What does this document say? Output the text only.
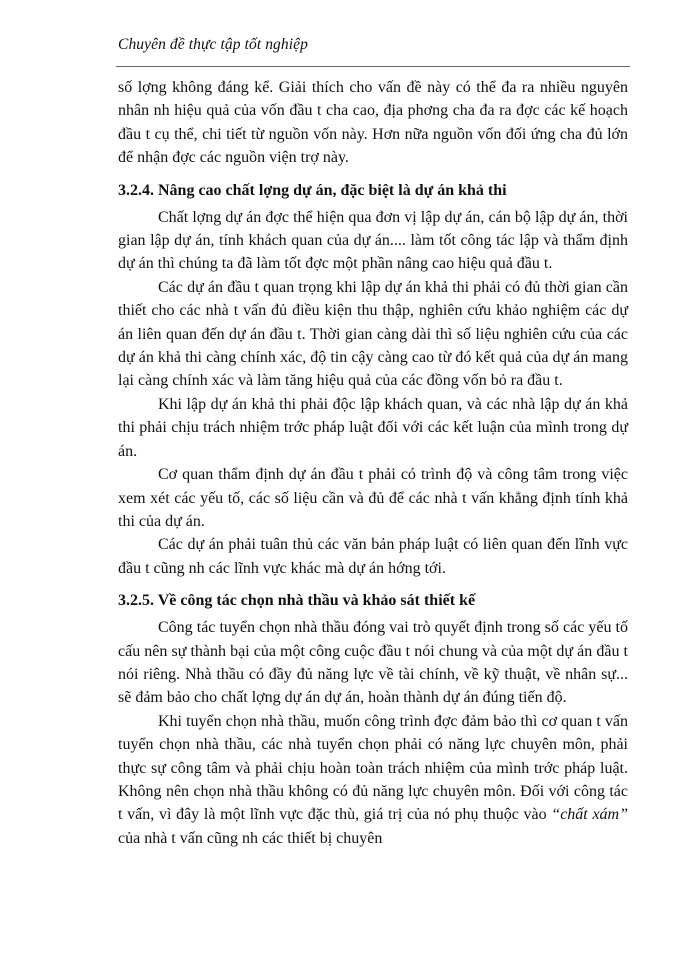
Chuyên đề thực tập tốt nghiệp

số lợng không đáng kể. Giải thích cho vấn đề này có thể đa ra nhiều nguyên nhân nh hiệu quả của vốn đầu t cha cao, địa phơng cha đa ra đợc các kế hoạch đầu t cụ thể, chi tiết từ nguồn vốn này. Hơn nữa nguồn vốn đối ứng cha đủ lớn để nhận đợc các nguồn viện trợ này.

3.2.4. Nâng cao chất lợng dự án, đặc biệt là dự án khả thi

Chất lợng dự án đợc thể hiện qua đơn vị lập dự án, cán bộ lập dự án, thời gian lập dự án, tính khách quan của dự án.... làm tốt công tác lập và thẩm định dự án thì chúng ta đã làm tốt đợc một phần nâng cao hiệu quả đầu t.

Các dự án đầu t quan trọng khi lập dự án khả thi phải có đủ thời gian cần thiết cho các nhà t vấn đủ điều kiện thu thập, nghiên cứu khảo nghiệm các dự án liên quan đến dự án đầu t. Thời gian càng dài thì số liệu nghiên cứu của các dự án khả thi càng chính xác, độ tin cậy càng cao từ đó kết quả của dự án mang lại càng chính xác và làm tăng hiệu quả của các đồng vốn bỏ ra đầu t.

Khi lập dự án khả thi phải độc lập khách quan, và các nhà lập dự án khả thi phải chịu trách nhiệm trớc pháp luật đối với các kết luận của mình trong dự án.

Cơ quan thẩm định dự án đầu t phải có trình độ và công tâm trong việc xem xét các yếu tố, các số liệu cần và đủ để các nhà t vấn khẳng định tính khả thi của dự án.

Các dự án phải tuân thủ các văn bản pháp luật có liên quan đến lĩnh vực đầu t cũng nh các lĩnh vực khác mà dự án hớng tới.

3.2.5. Về công tác chọn nhà thầu và khảo sát thiết kế

Công tác tuyển chọn nhà thầu đóng vai trò quyết định trong số các yếu tố cấu nên sự thành bại của một công cuộc đầu t nói chung và của một dự án đầu t nói riêng. Nhà thầu có đầy đủ năng lực về tài chính, về kỹ thuật, về nhân sự... sẽ đảm bảo cho chất lợng dự án dự án, hoàn thành dự án đúng tiến độ.

Khi tuyển chọn nhà thầu, muốn công trình đợc đảm bảo thì cơ quan t vấn tuyển chọn nhà thầu, các nhà tuyển chọn phải có năng lực chuyên môn, phải thực sự công tâm và phải chịu hoàn toàn trách nhiệm của mình trớc pháp luật. Không nên chọn nhà thầu không có đủ năng lực chuyên môn. Đối với công tác t vấn, vì đây là một lĩnh vực đặc thù, giá trị của nó phụ thuộc vào “chất xám” của nhà t vấn cũng nh các thiết bị chuyên
